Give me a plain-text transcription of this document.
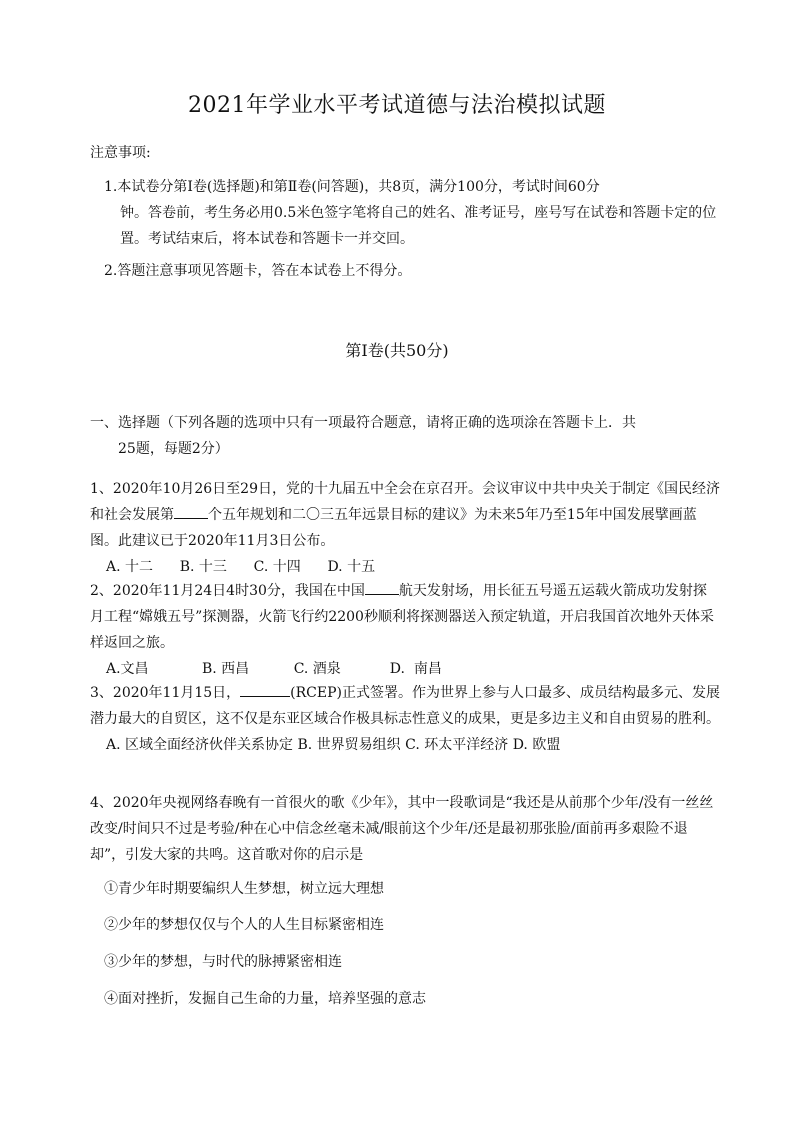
2021年学业水平考试道德与法治模拟试题
注意事项:
1.本试卷分第Ⅰ卷(选择题)和第Ⅱ卷(问答题)，共8页，满分100分，考试时间60分
钟。答卷前，考生务必用0.5米色签字笔将自己的姓名、准考证号，座号写在试卷和答题卡定的位置。考试结束后，将本试卷和答题卡一并交回。
2.答题注意事项见答题卡，答在本试卷上不得分。
第Ⅰ卷(共50分)
一、选择题（下列各题的选项中只有一项最符合题意，请将正确的选项涂在答题卡上．共
25题，每题2分）
1、2020年10月26日至29日，党的十九届五中全会在京召开。会议审议中共中央关于制定《国民经济和社会发展第 个五年规划和二〇三五年远景目标的建议》为未来5年乃至15年中国发展擘画蓝图。此建议已于2020年11月3日公布。
A. 十二 B. 十三 C. 十四 D. 十五
2、2020年11月24日4时30分，我国在中国 航天发射场，用长征五号遥五运载火箭成功发射探月工程“嫦娥五号”探测器，火箭飞行约2200秒顺利将探测器送入预定轨道，开启我国首次地外天体采样返回之旅。
A.文昌	B. 西昌	C. 酒泉	D.  南昌
3、2020年11月15日，	(RCEP)正式签署。作为世界上参与人口最多、成员结构最多元、发展潜力最大的自贸区，这不仅是东亚区域合作极具标志性意义的成果，更是多边主义和自由贸易的胜利。
A. 区域全面经济伙伴关系协定 B. 世界贸易组织 C. 环太平洋经济 D. 欧盟
4、2020年央视网络春晚有一首很火的歌《少年》，其中一段歌词是“我还是从前那个少年/没有一丝丝改变/时间只不过是考验/种在心中信念丝毫未减/眼前这个少年/还是最初那张脸/面前再多艰险不退却”，引发大家的共鸣。这首歌对你的启示是
①青少年时期要编织人生梦想，树立远大理想
②少年的梦想仅仅与个人的人生目标紧密相连
③少年的梦想，与时代的脉搏紧密相连
④面对挫折，发掘自己生命的力量，培养坚强的意志
